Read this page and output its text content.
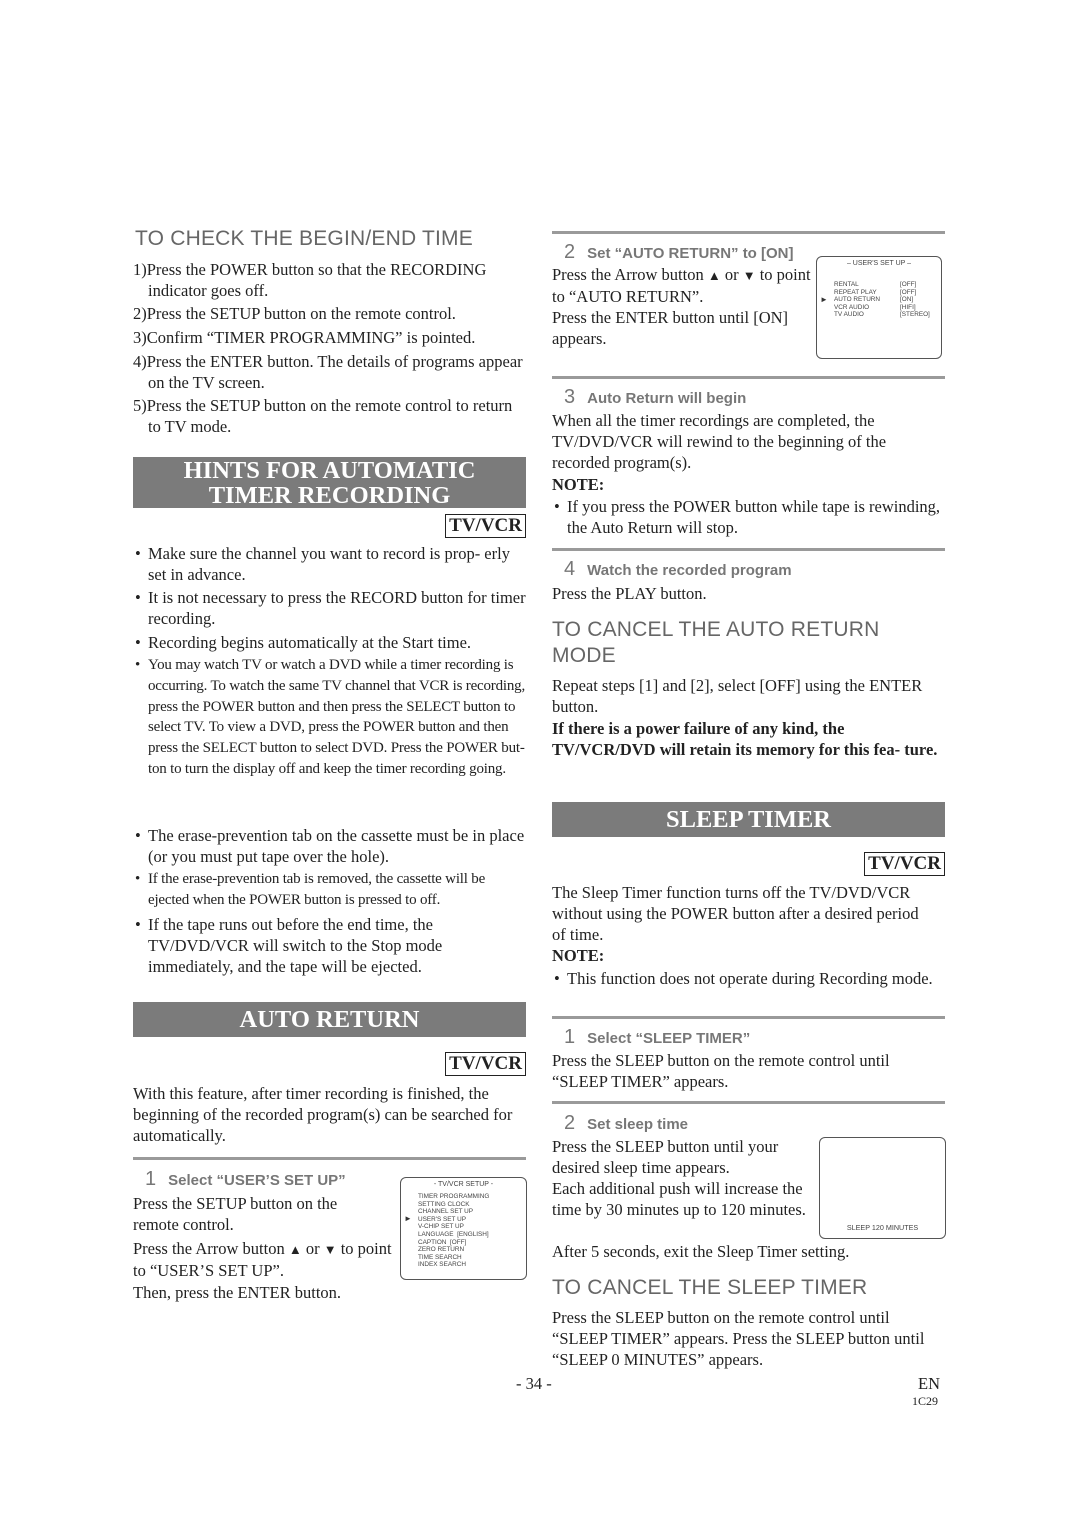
TO CHECK THE BEGIN/END TIME
1)Press the POWER button so that the RECORDING indicator goes off.
2)Press the SETUP button on the remote control.
3)Confirm “TIMER PROGRAMMING” is pointed.
4)Press the ENTER button. The details of programs appear on the TV screen.
5)Press the SETUP button on the remote control to return to TV mode.
HINTS FOR AUTOMATIC
TIMER RECORDING
TV/VCR
• Make sure the channel you want to record is prop- erly set in advance.
• It is not necessary to press the RECORD button for timer recording.
• Recording begins automatically at the Start time.
• You may watch TV or watch a DVD while a timer recording is occurring. To watch the same TV channel that VCR is recording, press the POWER button and then press the SELECT button to select TV. To view a DVD, press the POWER button and then press the SELECT button to select DVD. Press the POWER but- ton to turn the display off and keep the timer recording going.
• The erase-prevention tab on the cassette must be in place (or you must put tape over the hole).
• If the erase-prevention tab is removed, the cassette will be ejected when the POWER button is pressed to off.
• If the tape runs out before the end time, the TV/DVD/VCR will switch to the Stop mode immediately, and the tape will be ejected.
AUTO RETURN
TV/VCR
With this feature, after timer recording is finished, the beginning of the recorded program(s) can be searched for automatically.
1 Select “USER’S SET UP”
Press the SETUP button on the remote control.
Press the Arrow button ▲ or ▼ to point to “USER’S SET UP”.
Then, press the ENTER button.
- TV/VCR SETUP -
TIMER PROGRAMMING
SETTING CLOCK
CHANNEL SET UP
USER'S SET UP
V-CHIP SET UP
LANGUAGE  [ENGLISH]
CAPTION  [OFF]
ZERO RETURN
TIME SEARCH
INDEX SEARCH
►
2 Set “AUTO RETURN” to [ON]
Press the Arrow button ▲ or ▼ to point to “AUTO RETURN”.
Press the ENTER button until [ON] appears.
– USER'S SET UP –
RENTAL	[OFF]
REPEAT PLAY	[OFF]
AUTO RETURN	[ON]
VCR AUDIO	[HIFI]
TV AUDIO	[STEREO]
►
3 Auto Return will begin
When all the timer recordings are completed, the TV/DVD/VCR will rewind to the beginning of the recorded program(s).
NOTE:
• If you press the POWER button while tape is rewinding, the Auto Return will stop.
4 Watch the recorded program
Press the PLAY button.
TO CANCEL THE AUTO RETURN MODE
Repeat steps [1] and [2], select [OFF] using the ENTER button.
If there is a power failure of any kind, the TV/VCR/DVD will retain its memory for this fea- ture.
SLEEP TIMER
TV/VCR
The Sleep Timer function turns off the TV/DVD/VCR without using the POWER button after a desired period of time.
NOTE:
• This function does not operate during Recording mode.
1 Select “SLEEP TIMER”
Press the SLEEP button on the remote control until “SLEEP TIMER” appears.
2 Set sleep time
Press the SLEEP button until your desired sleep time appears.
Each additional push will increase the time by 30 minutes up to 120 minutes.
After 5 seconds, exit the Sleep Timer setting.
SLEEP 120 MINUTES
TO CANCEL THE SLEEP TIMER
Press the SLEEP button on the remote control until “SLEEP TIMER” appears. Press the SLEEP button until “SLEEP 0 MINUTES” appears.
- 34 -	EN
1C29
